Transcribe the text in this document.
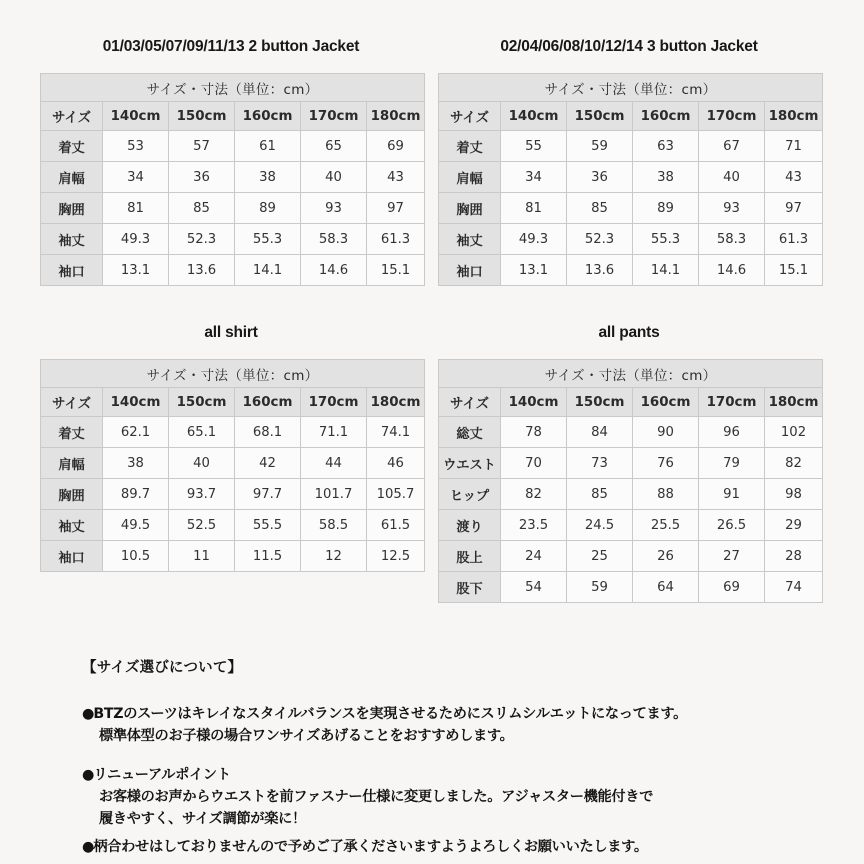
01/03/05/07/09/11/13 2 button Jacket
サイズ・寸法（単位：cm）					
サイズ	140cm	150cm	160cm	170cm	180cm
着丈	53	57	61	65	69
肩幅	34	36	38	40	43
胸囲	81	85	89	93	97
袖丈	49.3	52.3	55.3	58.3	61.3
袖口	13.1	13.6	14.1	14.6	15.1
02/04/06/08/10/12/14 3 button Jacket
サイズ・寸法（単位：cm）					
サイズ	140cm	150cm	160cm	170cm	180cm
着丈	55	59	63	67	71
肩幅	34	36	38	40	43
胸囲	81	85	89	93	97
袖丈	49.3	52.3	55.3	58.3	61.3
袖口	13.1	13.6	14.1	14.6	15.1
all shirt
サイズ・寸法（単位：cm）					
サイズ	140cm	150cm	160cm	170cm	180cm
着丈	62.1	65.1	68.1	71.1	74.1
肩幅	38	40	42	44	46
胸囲	89.7	93.7	97.7	101.7	105.7
袖丈	49.5	52.5	55.5	58.5	61.5
袖口	10.5	11	11.5	12	12.5
all pants
サイズ・寸法（単位：cm）					
サイズ	140cm	150cm	160cm	170cm	180cm
総丈	78	84	90	96	102
ウエスト	70	73	76	79	82
ヒップ	82	85	88	91	98
渡り	23.5	24.5	25.5	26.5	29
股上	24	25	26	27	28
股下	54	59	64	69	74
【サイズ選びについて】
●BTZのスーツはキレイなスタイルバランスを実現させるためにスリムシルエットになってます。
標準体型のお子様の場合ワンサイズあげることをおすすめします。
●リニューアルポイント
お客様のお声からウエストを前ファスナー仕様に変更しました。アジャスター機能付きで
履きやすく、サイズ調節が楽に！
●柄合わせはしておりませんので予めご了承くださいますようよろしくお願いいたします。
